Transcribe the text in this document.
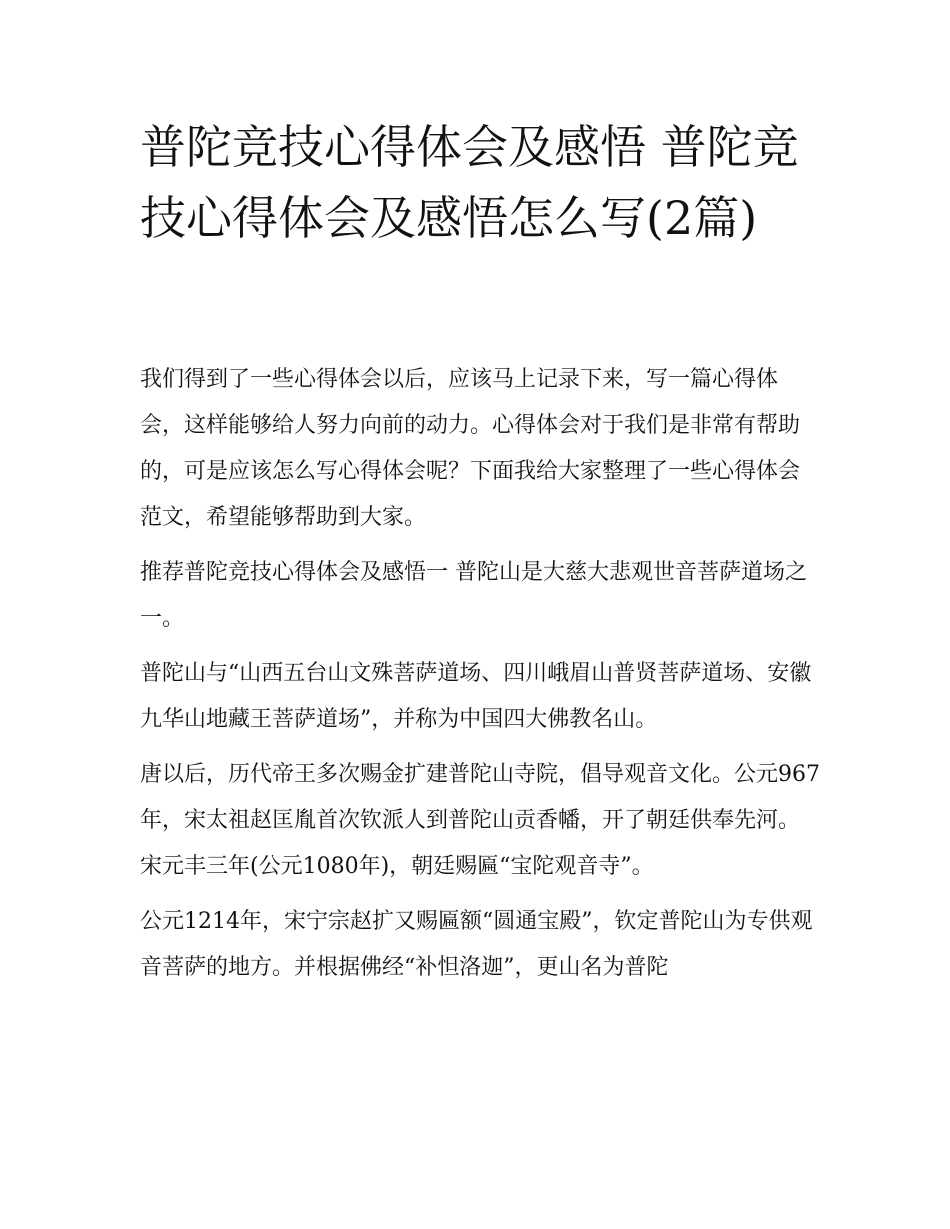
普陀竞技心得体会及感悟 普陀竞技心得体会及感悟怎么写(2篇)

我们得到了一些心得体会以后，应该马上记录下来，写一篇心得体会，这样能够给人努力向前的动力。心得体会对于我们是非常有帮助的，可是应该怎么写心得体会呢？下面我给大家整理了一些心得体会范文，希望能够帮助到大家。

推荐普陀竞技心得体会及感悟一 普陀山是大慈大悲观世音菩萨道场之一。

普陀山与“山西五台山文殊菩萨道场、四川峨眉山普贤菩萨道场、安徽九华山地藏王菩萨道场”，并称为中国四大佛教名山。

唐以后，历代帝王多次赐金扩建普陀山寺院，倡导观音文化。公元967年，宋太祖赵匡胤首次钦派人到普陀山贡香幡，开了朝廷供奉先河。宋元丰三年(公元1080年)，朝廷赐匾“宝陀观音寺”。

公元1214年，宋宁宗赵扩又赐匾额“圆通宝殿”，钦定普陀山为专供观音菩萨的地方。并根据佛经“补怛洛迦”，更山名为普陀
